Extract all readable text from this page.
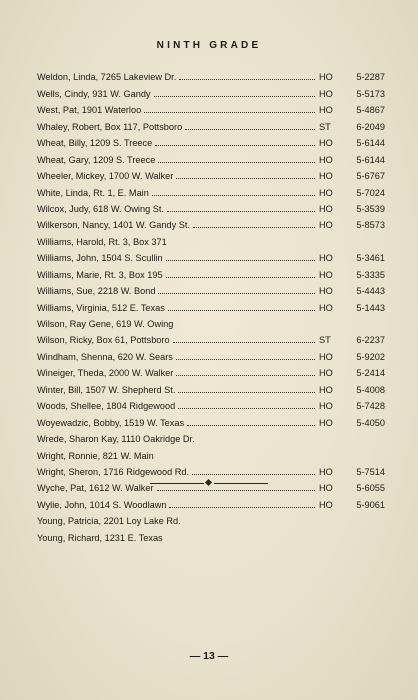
NINTH GRADE
Weldon, Linda, 7265 Lakeview Dr.	HO	5-2287
Wells, Cindy, 931 W. Gandy	HO	5-5173
West, Pat, 1901 Waterloo	HO	5-4867
Whaley, Robert, Box 117, Pottsboro	ST	6-2049
Wheat, Billy, 1209 S. Treece	HO	5-6144
Wheat, Gary, 1209 S. Treece	HO	5-6144
Wheeler, Mickey, 1700 W. Walker	HO	5-6767
White, Linda, Rt. 1, E. Main	HO	5-7024
Wilcox, Judy, 618 W. Owing St.	HO	5-3539
Wilkerson, Nancy, 1401 W. Gandy St.	HO	5-8573
Williams, Harold, Rt. 3, Box 371
Williams, John, 1504 S. Scullin	HO	5-3461
Williams, Marie, Rt. 3, Box 195	HO	5-3335
Williams, Sue, 2218 W. Bond	HO	5-4443
Williams, Virginia, 512 E. Texas	HO	5-1443
Wilson, Ray Gene, 619 W. Owing
Wilson, Ricky, Box 61, Pottsboro	ST	6-2237
Windham, Shenna, 620 W. Sears	HO	5-9202
Wineiger, Theda, 2000 W. Walker	HO	5-2414
Winter, Bill, 1507 W. Shepherd St.	HO	5-4008
Woods, Shellee, 1804 Ridgewood	HO	5-7428
Woyewadzic, Bobby, 1519 W. Texas	HO	5-4050
Wrede, Sharon Kay, 1110 Oakridge Dr.
Wright, Ronnie, 821 W. Main
Wright, Sheron, 1716 Ridgewood Rd.	HO	5-7514
Wyche, Pat, 1612 W. Walker	HO	5-6055
Wylie, John, 1014 S. Woodlawn	HO	5-9061
Young, Patricia, 2201 Loy Lake Rd.
Young, Richard, 1231 E. Texas
— 13 —
